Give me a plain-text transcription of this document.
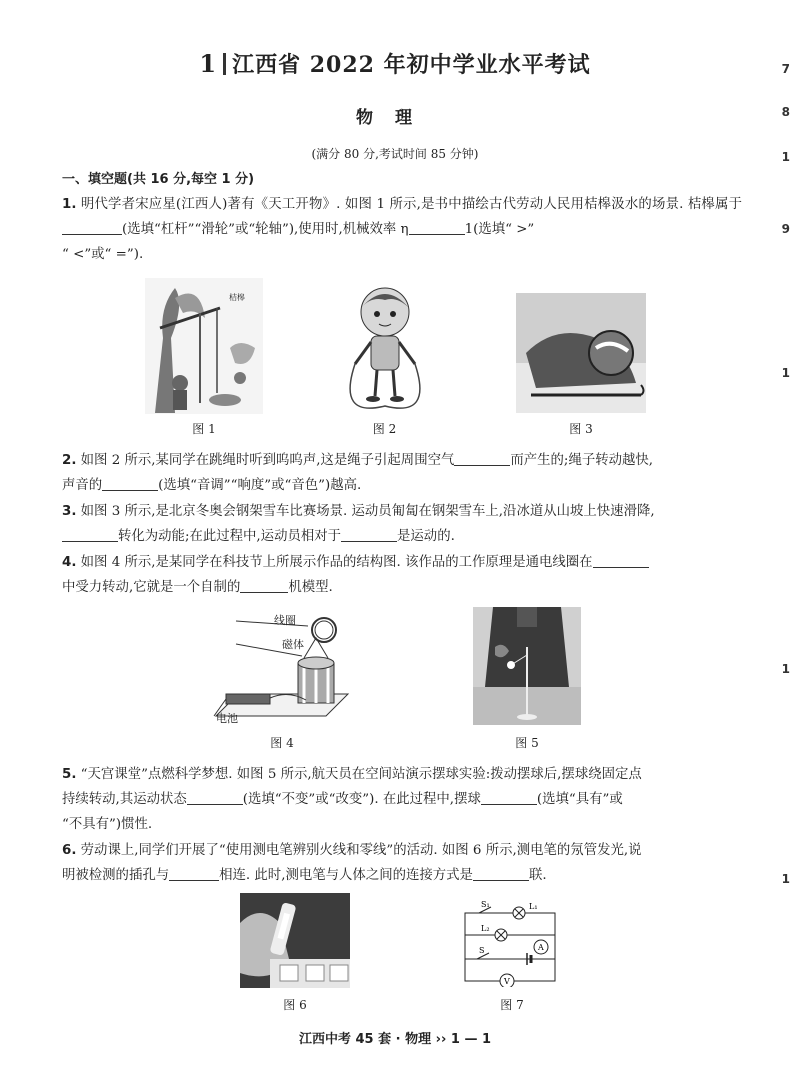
1 江西省 2022 年初中学业水平考试
物理
(满分 80 分,考试时间 85 分钟)
一、填空题(共 16 分,每空 1 分)
1. 明代学者宋应星(江西人)著有《天工开物》. 如图 1 所示,是书中描绘古代劳动人民用桔槔汲水的场景. 桔槔属于(选填“杠杆”“滑轮”或“轮轴”),使用时,机械效率 η	1(选填“ >”
“ <”或“ =”).
桔槔
图 1	图 2	图 3
2. 如图 2 所示,某同学在跳绳时听到呜呜声,这是绳子引起周围空气	而产生的;绳子转动越快,
声音的	(选填“音调”“响度”或“音色”)越高.
3. 如图 3 所示,是北京冬奥会钢架雪车比赛场景. 运动员匍匐在钢架雪车上,沿冰道从山坡上快速滑降,
转化为动能;在此过程中,运动员相对于	是运动的.
4. 如图 4 所示,是某同学在科技节上所展示作品的结构图. 该作品的工作原理是通电线圈在
中受力转动,它就是一个自制的	机模型.
线圈
磁体
电池
图 4	图 5
5. “天宫课堂”点燃科学梦想. 如图 5 所示,航天员在空间站演示摆球实验:拨动摆球后,摆球绕固定点
持续转动,其运动状态	(选填“不变”或“改变”). 在此过程中,摆球	(选填“具有”或
“不具有”)惯性.
6. 劳动课上,同学们开展了“使用测电笔辨别火线和零线”的活动. 如图 6 所示,测电笔的氖管发光,说
明被检测的插孔与	相连. 此时,测电笔与人体之间的连接方式是	联.
图 6
S₁	L₁
L₂
S	A
V
图 7
江西中考 45 套 · 物理 ›› 1 — 1
7
8
1
9
1
1
1
